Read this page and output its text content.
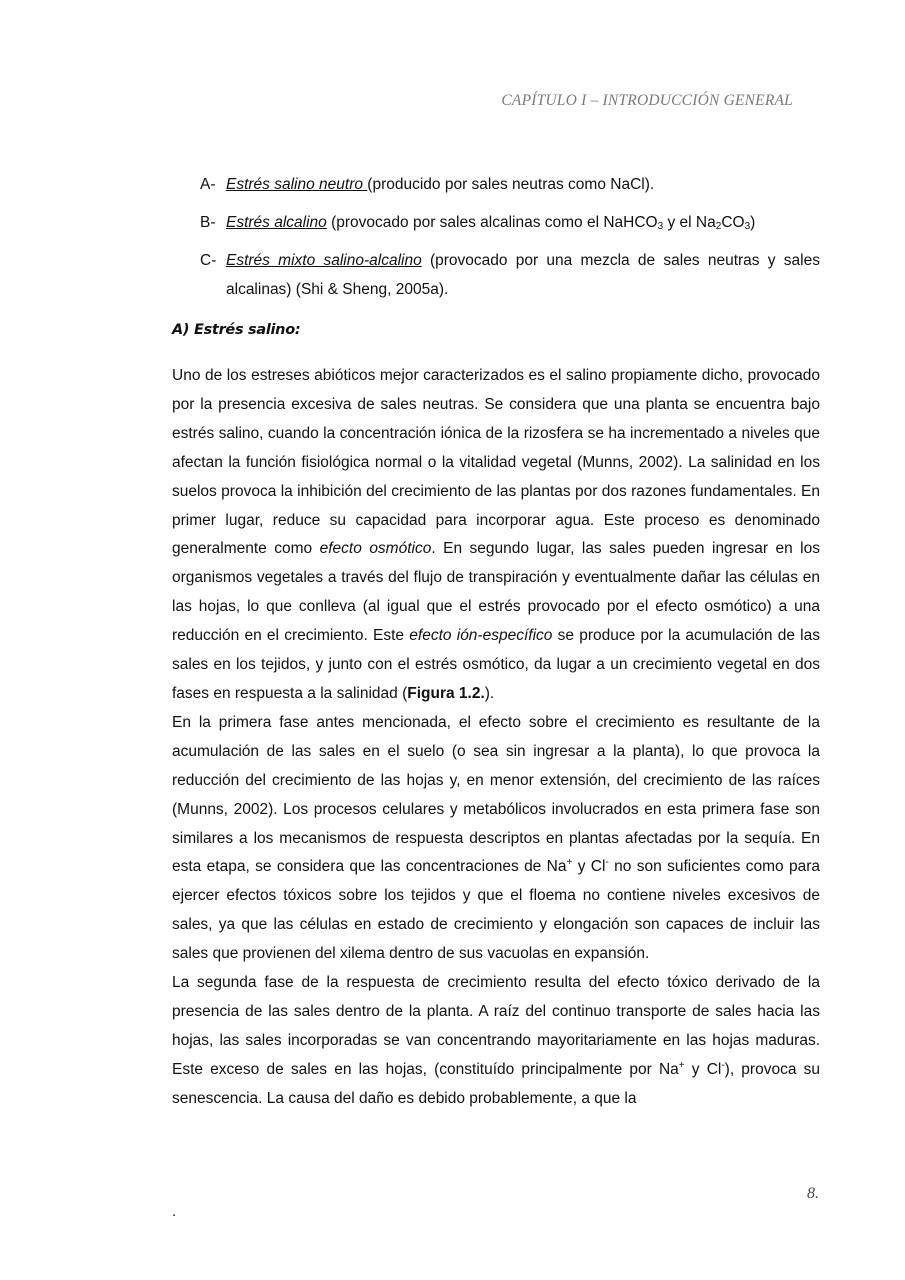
CAPÍTULO I – INTRODUCCIÓN GENERAL
A- Estrés salino neutro (producido por sales neutras como NaCl).
B- Estrés alcalino (provocado por sales alcalinas como el NaHCO$_3$ y el $Na_2CO_3$)
C- Estrés mixto salino-alcalino (provocado por una mezcla de sales neutras y sales alcalinas) (Shi & Sheng, 2005a).
A) Estrés salino:

Uno de los estreses abióticos mejor caracterizados es el salino propiamente dicho, provocado por la presencia excesiva de sales neutras. Se considera que una planta se encuentra bajo estrés salino, cuando la concentración iónica de la rizosfera se ha incrementado a niveles que afectan la función fisiológica normal o la vitalidad vegetal (Munns, 2002). La salinidad en los suelos provoca la inhibición del crecimiento de las plantas por dos razones fundamentales. En primer lugar, reduce su capacidad para incorporar agua. Este proceso es denominado generalmente como efecto osmótico. En segundo lugar, las sales pueden ingresar en los organismos vegetales a través del flujo de transpiración y eventualmente dañar las células en las hojas, lo que conlleva (al igual que el estrés provocado por el efecto osmótico) a una reducción en el crecimiento. Este efecto ión-específico se produce por la acumulación de las sales en los tejidos, y junto con el estrés osmótico, da lugar a un crecimiento vegetal en dos fases en respuesta a la salinidad (Figura 1.2.).

En la primera fase antes mencionada, el efecto sobre el crecimiento es resultante de la acumulación de las sales en el suelo (o sea sin ingresar a la planta), lo que provoca la reducción del crecimiento de las hojas y, en menor extensión, del crecimiento de las raíces (Munns, 2002). Los procesos celulares y metabólicos involucrados en esta primera fase son similares a los mecanismos de respuesta descriptos en plantas afectadas por la sequía. En esta etapa, se considera que las concentraciones de Na+ y Cl- no son suficientes como para ejercer efectos tóxicos sobre los tejidos y que el floema no contiene niveles excesivos de sales, ya que las células en estado de crecimiento y elongación son capaces de incluir las sales que provienen del xilema dentro de sus vacuolas en expansión.

La segunda fase de la respuesta de crecimiento resulta del efecto tóxico derivado de la presencia de las sales dentro de la planta. A raíz del continuo transporte de sales hacia las hojas, las sales incorporadas se van concentrando mayoritariamente en las hojas maduras. Este exceso de sales en las hojas, (constituído principalmente por Na+ y Cl-), provoca su senescencia. La causa del daño es debido probablemente, a que la

8.
.
